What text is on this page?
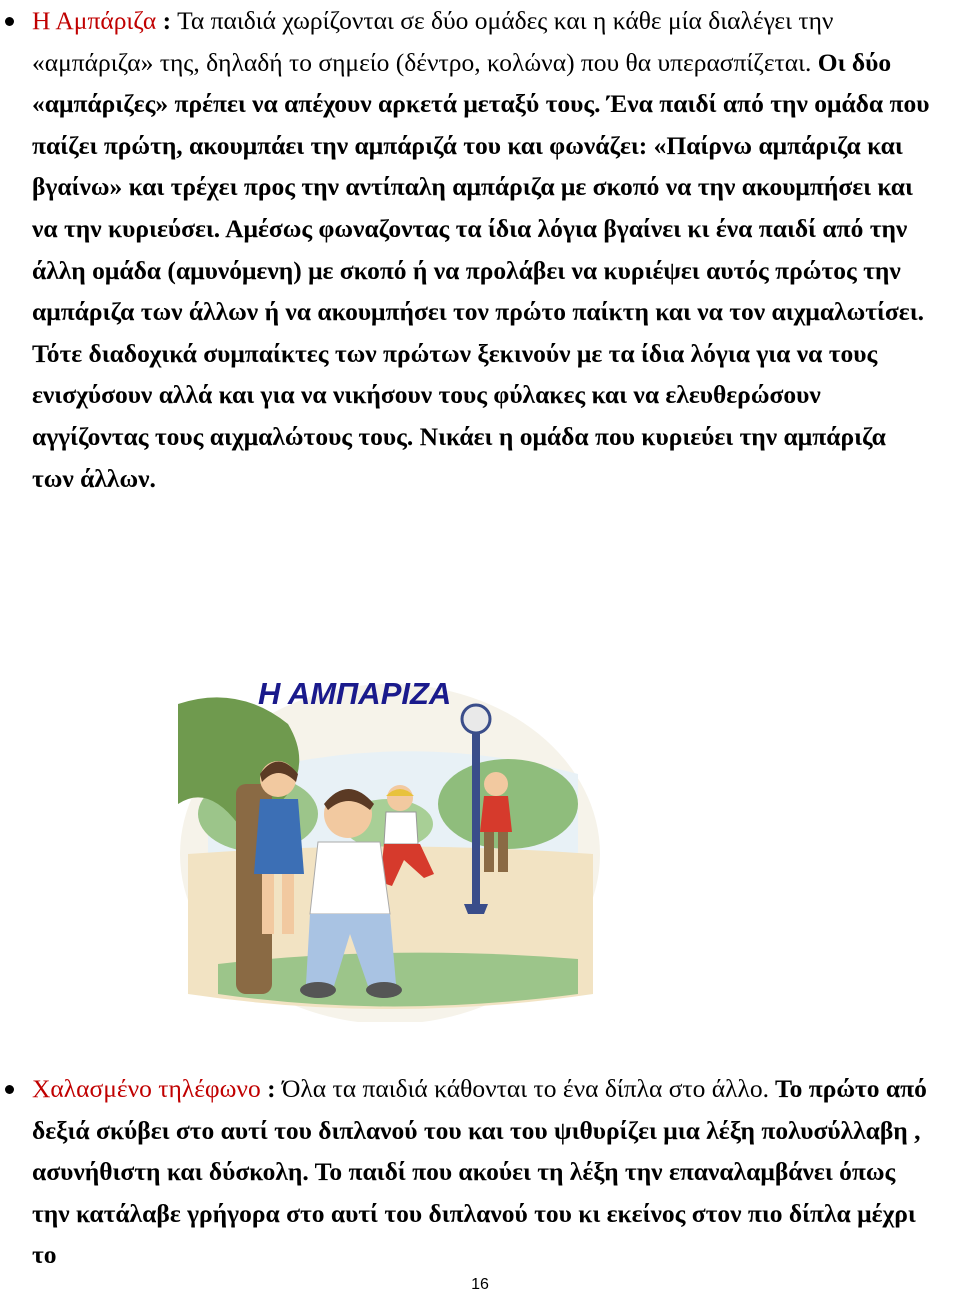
Η Αμπάριζα : Τα παιδιά χωρίζονται σε δύο ομάδες και η κάθε μία διαλέγει την «αμπάριζα» της, δηλαδή το σημείο (δέντρο, κολώνα) που θα υπερασπίζεται. Οι δύο «αμπάριζες» πρέπει να απέχουν αρκετά μεταξύ τους. Ένα παιδί από την ομάδα που παίζει πρώτη, ακουμπάει την αμπάριζά του και φωνάζει: «Παίρνω αμπάριζα και βγαίνω» και τρέχει προς την αντίπαλη αμπάριζα με σκοπό να την ακουμπήσει και να την κυριεύσει. Αμέσως φωναζοντας τα ίδια λόγια βγαίνει κι ένα παιδί από την άλλη ομάδα (αμυνόμενη) με σκοπό ή να προλάβει να κυριέψει αυτός πρώτος την αμπάριζα των άλλων ή να ακουμπήσει τον πρώτο παίκτη και να τον αιχμαλωτίσει. Τότε διαδοχικά συμπαίκτες των πρώτων ξεκινούν με τα ίδια λόγια για να τους ενισχύσουν αλλά και για να νικήσουν τους φύλακες και να ελευθερώσουν αγγίζοντας τους αιχμαλώτους τους. Νικάει η ομάδα που κυριεύει την αμπάριζα των άλλων.

Η ΑΜΠΑΡΙΖΑ

Χαλασμένο τηλέφωνο : Όλα τα παιδιά κάθονται το ένα δίπλα στο άλλο. Το πρώτο από δεξιά σκύβει στο αυτί του διπλανού του και του ψιθυρίζει μια λέξη πολυσύλλαβη , ασυνήθιστη και δύσκολη. Το παιδί που ακούει τη λέξη την επαναλαμβάνει όπως την κατάλαβε γρήγορα στο αυτί του διπλανού του κι εκείνος στον πιο δίπλα μέχρι το

16
